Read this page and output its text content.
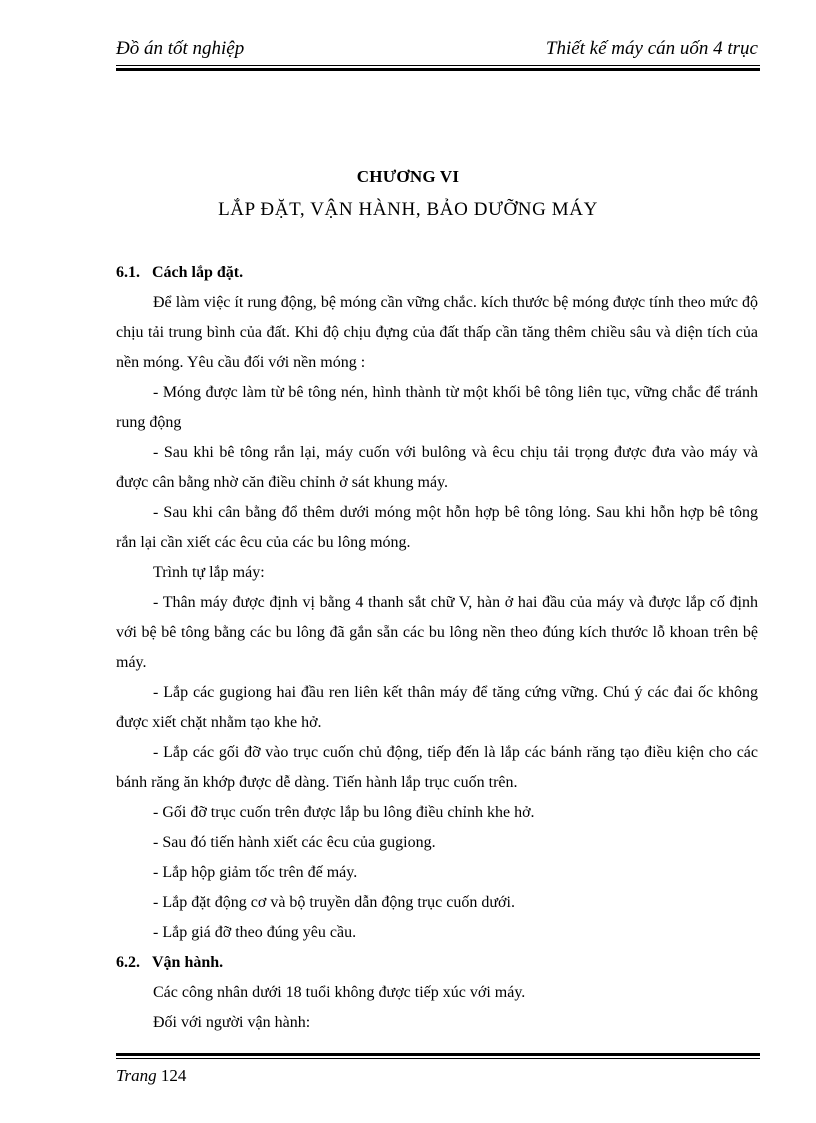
Đồ án tốt nghiệp	Thiết kế máy cán uốn 4 trục
CHƯƠNG VI
LẮP ĐẶT, VẬN HÀNH, BẢO DƯỠNG MÁY

6.1. Cách lắp đặt.

Để làm việc ít rung động, bệ móng cần vững chắc. kích thước bệ móng được tính theo mức độ chịu tải trung bình của đất. Khi độ chịu đựng của đất thấp cần tăng thêm chiều sâu và diện tích của nền móng. Yêu cầu đối với nền móng :

- Móng được làm từ bê tông nén, hình thành từ một khối bê tông liên tục, vững chắc để tránh rung động

- Sau khi bê tông rắn lại, máy cuốn với bulông và êcu chịu tải trọng được đưa vào máy và được cân bằng nhờ căn điều chỉnh ở sát khung máy.

- Sau khi cân bằng đổ thêm dưới móng một hỗn hợp bê tông lỏng. Sau khi hỗn hợp bê tông rắn lại cần xiết các êcu của các bu lông móng.

Trình tự lắp máy:

- Thân máy được định vị bằng 4 thanh sắt chữ V, hàn ở hai đầu của máy và được lắp cố định với bệ bê tông bằng các bu lông đã gắn sẵn các bu lông nền theo đúng kích thước lỗ khoan trên bệ máy.

- Lắp các gugiong hai đầu ren liên kết thân máy để tăng cứng vững. Chú ý các đai ốc không được xiết chặt nhằm tạo khe hở.

- Lắp các gối đỡ vào trục cuốn chủ động, tiếp đến là lắp các bánh răng tạo điều kiện cho các bánh răng ăn khớp được dễ dàng. Tiến hành lắp trục cuốn trên.

- Gối đỡ trục cuốn trên được lắp bu lông điều chỉnh khe hở.

- Sau đó tiến hành xiết các êcu của gugiong.

- Lắp hộp giảm tốc trên đế máy.

- Lắp đặt động cơ và bộ truyền dẫn động trục cuốn dưới.

- Lắp giá đỡ theo đúng yêu cầu.

6.2. Vận hành.

Các công nhân dưới 18 tuổi không được tiếp xúc với máy.

Đối với người vận hành:

Trang 124
